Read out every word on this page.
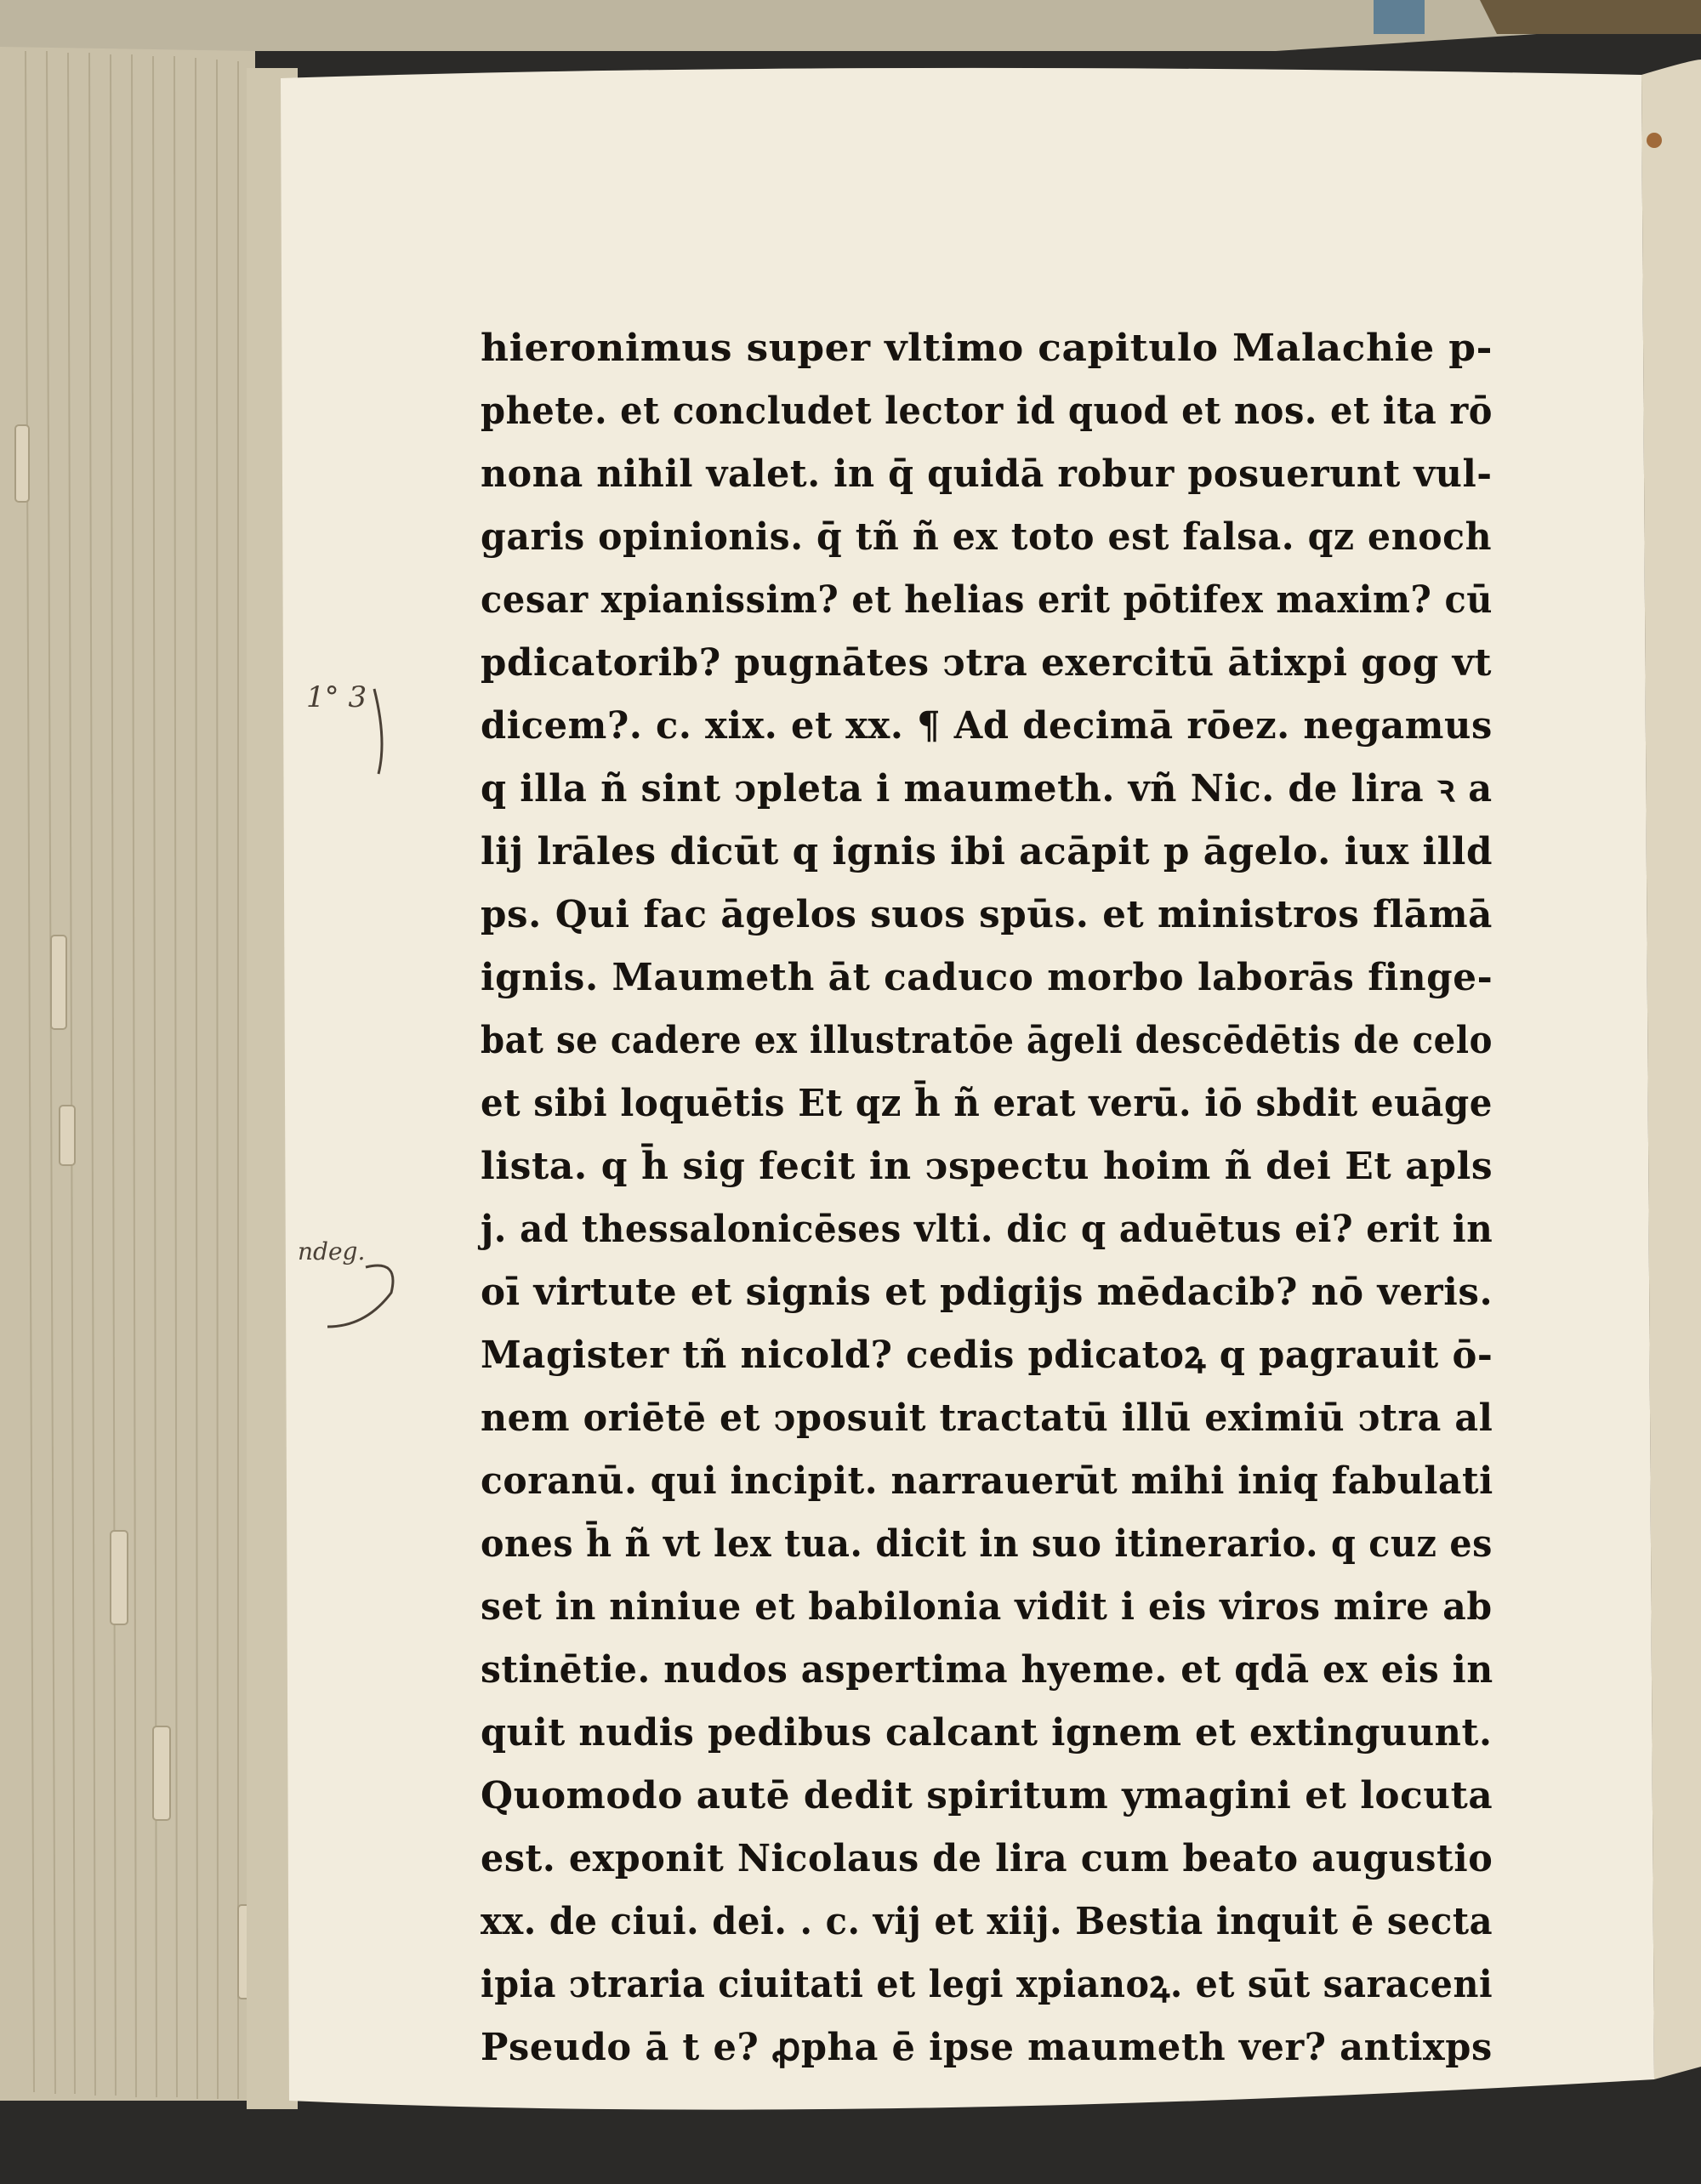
1° 3
ndeg.
hieronimus super vltimo capitulo Malachie p-
phete. et concludet lector id quod et nos. et ita rō
nona nihil valet. in q̄ quidā robur posuerunt vul-
garis opinionis. q̄ tñ ñ ex toto est falsa. qz enoch
cesar xpianissim? et helias erit pōtifex maxim? cū
pdicatorib? pugnātes ↄtra exercitū ātixpi gog vt
dicem?. c. xix. et xx. ¶ Ad decimā rōez. negamus
q illa ñ sint ↄpleta i maumeth. vñ Nic. de lira ꝛ a
lij lrāles dicūt q ignis ibi acāpit p āgelo. iux illd
ps. Qui fac āgelos suos spūs. et ministros flāmā
ignis. Maumeth āt caduco morbo laborās finge-
bat se cadere ex illustratōe āgeli descēdētis de celo
et sibi loquētis Et qz h̄ ñ erat verū. iō sbdit euāge
lista. q h̄ sig fecit in ↄspectu hoim ñ dei Et apls
j. ad thessalonicēses vlti. dic q aduētus ei? erit in
oī virtute et signis et pdigijs mēdacib? nō veris.
Magister tñ nicold? cedis pdicatoꝝ q pagrauit ō-
nem oriētē et ↄposuit tractatū illū eximiū ↄtra al
coranū. qui incipit. narrauerūt mihi iniq fabulati
ones h̄ ñ vt lex tua. dicit in suo itinerario. q cuz es
set in niniue et babilonia vidit i eis viros mire ab
stinētie. nudos aspertima hyeme. et qdā ex eis in
quit nudis pedibus calcant ignem et extinguunt.
Quomodo autē dedit spiritum ymagini et locuta
est. exponit Nicolaus de lira cum beato augustio
xx. de ciui. dei. . c. vij et xiij. Bestia inquit ē secta
ipia ↄtraria ciuitati et legi xpianoꝝ. et sūt saraceni
Pseudo ā t e? ꝓpha ē ipse maumeth ver? antixps
